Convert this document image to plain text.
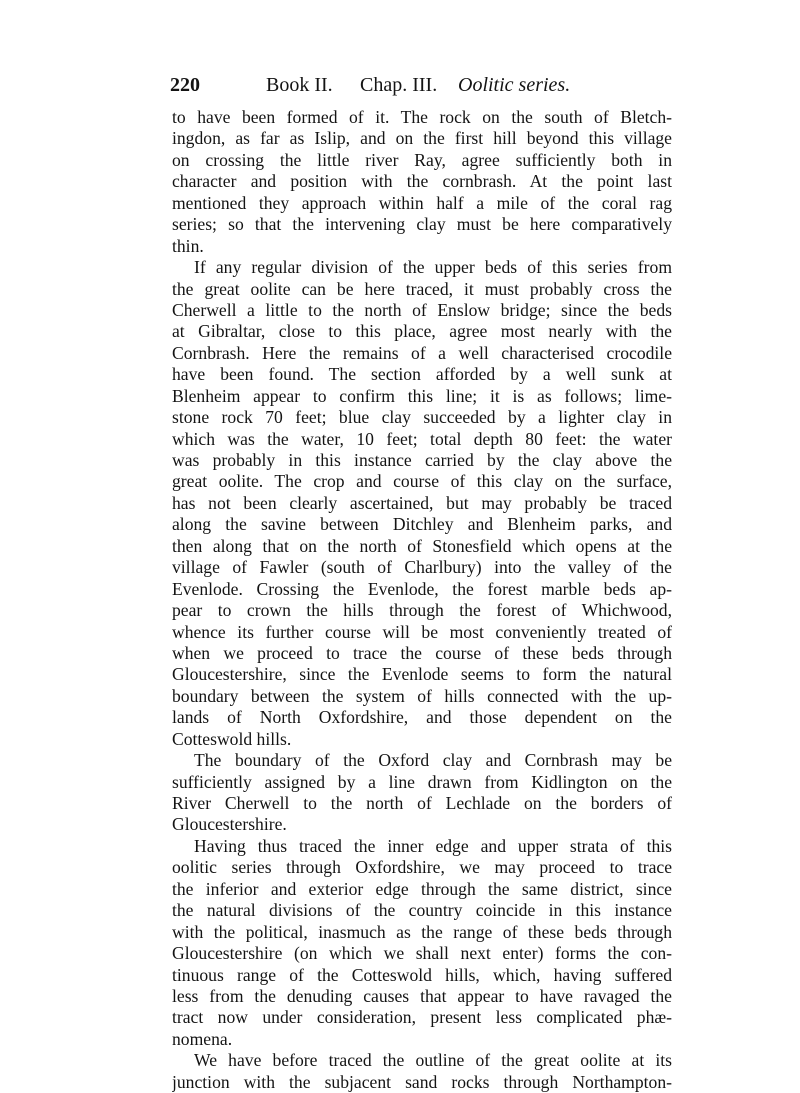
220	Book II. Chap. III. Oolitic series.
to have been formed of it. The rock on the south of Bletch-
ingdon, as far as Islip, and on the first hill beyond this village
on crossing the little river Ray, agree sufficiently both in
character and position with the cornbrash. At the point last
mentioned they approach within half a mile of the coral rag
series; so that the intervening clay must be here comparatively
thin.
If any regular division of the upper beds of this series from
the great oolite can be here traced, it must probably cross the
Cherwell a little to the north of Enslow bridge; since the beds
at Gibraltar, close to this place, agree most nearly with the
Cornbrash. Here the remains of a well characterised crocodile
have been found. The section afforded by a well sunk at
Blenheim appear to confirm this line; it is as follows; lime-
stone rock 70 feet; blue clay succeeded by a lighter clay in
which was the water, 10 feet; total depth 80 feet: the water
was probably in this instance carried by the clay above the
great oolite. The crop and course of this clay on the surface,
has not been clearly ascertained, but may probably be traced
along the savine between Ditchley and Blenheim parks, and
then along that on the north of Stonesfield which opens at the
village of Fawler (south of Charlbury) into the valley of the
Evenlode. Crossing the Evenlode, the forest marble beds ap-
pear to crown the hills through the forest of Whichwood,
whence its further course will be most conveniently treated of
when we proceed to trace the course of these beds through
Gloucestershire, since the Evenlode seems to form the natural
boundary between the system of hills connected with the up-
lands of North Oxfordshire, and those dependent on the
Cotteswold hills.
The boundary of the Oxford clay and Cornbrash may be
sufficiently assigned by a line drawn from Kidlington on the
River Cherwell to the north of Lechlade on the borders of
Gloucestershire.
Having thus traced the inner edge and upper strata of this
oolitic series through Oxfordshire, we may proceed to trace
the inferior and exterior edge through the same district, since
the natural divisions of the country coincide in this instance
with the political, inasmuch as the range of these beds through
Gloucestershire (on which we shall next enter) forms the con-
tinuous range of the Cotteswold hills, which, having suffered
less from the denuding causes that appear to have ravaged the
tract now under consideration, present less complicated phæ-
nomena.
We have before traced the outline of the great oolite at its
junction with the subjacent sand rocks through Northampton-
